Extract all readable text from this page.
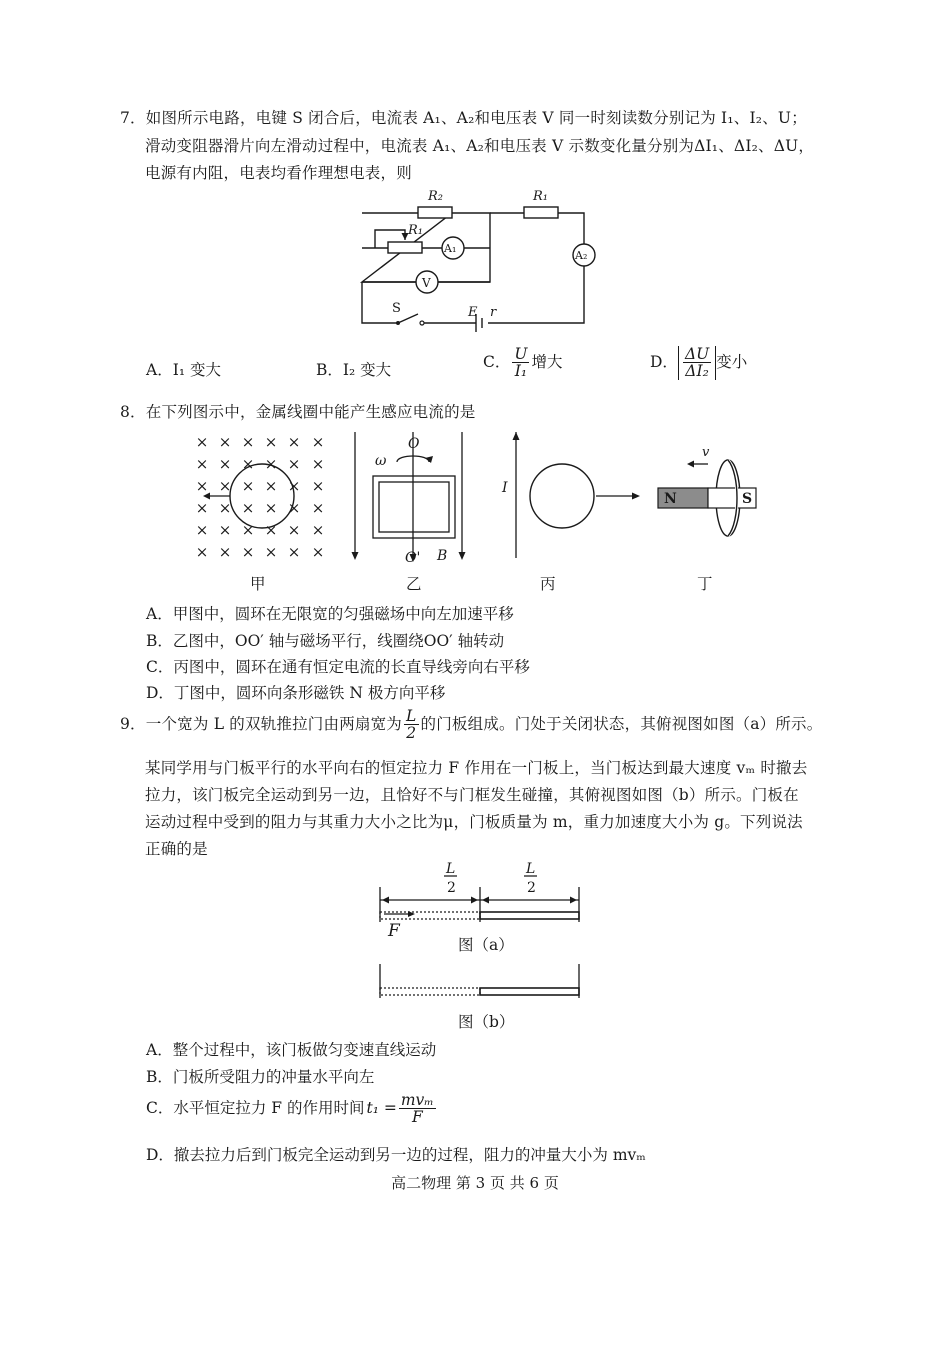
7．如图所示电路，电键 S 闭合后，电流表 A₁、A₂和电压表 V 同一时刻读数分别记为 I₁、I₂、U；
滑动变阻器滑片向左滑动过程中，电流表 A₁、A₂和电压表 V 示数变化量分别为ΔI₁、ΔI₂、ΔU，
电源有内阻，电表均看作理想电表，则
R₂	R₁
R₁
A₁
A₂
V
S	E r
A．I₁ 变大	B．I₂ 变大	C． $\frac{U}{\text{I₁}}$ 增大	D． $\frac{\Delta U}{\text{ΔI₂}}$ 变小
8．在下列图示中，金属线圈中能产生感应电流的是
× × × × × ×
× × × × × ×
× × × × × ×
× × × × × ×
× × × × × ×
× × × × × ×
O
ω
O' B
I
v
N	S
甲	乙	丙	丁
A．甲图中，圆环在无限宽的匀强磁场中向左加速平移
B．乙图中，OO′ 轴与磁场平行，线圈绕OO′ 轴转动
C．丙图中，圆环在通有恒定电流的长直导线旁向右平移
D．丁图中，圆环向条形磁铁 N 极方向平移
9．一个宽为 L 的双轨推拉门由两扇宽为 $\frac{L}{2}$ 的门板组成。门处于关闭状态，其俯视图如图（a）所示。
某同学用与门板平行的水平向右的恒定拉力 F 作用在一门板上，当门板达到最大速度 vₘ 时撤去
拉力，该门板完全运动到另一边，且恰好不与门框发生碰撞，其俯视图如图（b）所示。门板在
运动过程中受到的阻力与其重力大小之比为μ，门板质量为 m，重力加速度大小为 g。下列说法
正确的是
L
2
L
2
F
图（a）
图（b）
A．整个过程中，该门板做匀变速直线运动
B．门板所受阻力的冲量水平向左
C．水平恒定拉力 F 的作用时间 $t_1 = \frac{\text{mvₘ}}{F}$
D．撤去拉力后到门板完全运动到另一边的过程，阻力的冲量大小为 mvₘ
高二物理 第 3 页 共 6 页
